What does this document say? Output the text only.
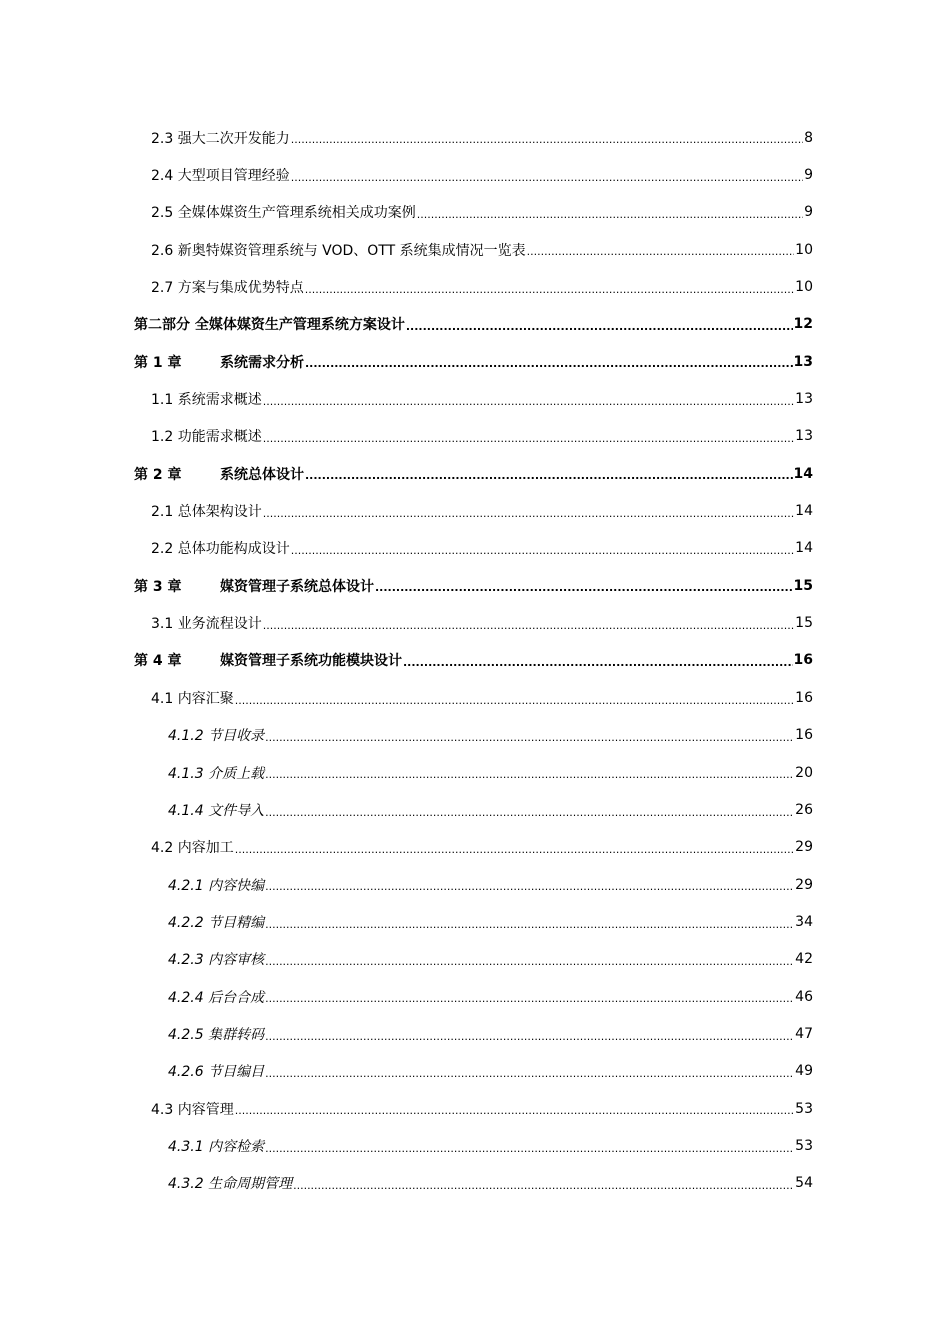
2.3 强大二次开发能力 .....	8
2.4 大型项目管理经验 .....	9
2.5 全媒体媒资生产管理系统相关成功案例 .....	9
2.6 新奥特媒资管理系统与 VOD、OTT 系统集成情况一览表 .....	10
2.7 方案与集成优势特点 .....	10
第二部分 全媒体媒资生产管理系统方案设计 .....	12
第 1 章	系统需求分析 .....	13
1.1 系统需求概述 .....	13
1.2 功能需求概述 .....	13
第 2 章	系统总体设计 .....	14
2.1 总体架构设计 .....	14
2.2 总体功能构成设计 .....	14
第 3 章	媒资管理子系统总体设计 .....	15
3.1 业务流程设计 .....	15
第 4 章	媒资管理子系统功能模块设计 .....	16
4.1 内容汇聚 .....	16
4.1.2 节目收录 .....	16
4.1.3 介质上载 .....	20
4.1.4 文件导入 .....	26
4.2 内容加工 .....	29
4.2.1 内容快编 .....	29
4.2.2 节目精编 .....	34
4.2.3 内容审核 .....	42
4.2.4 后台合成 .....	46
4.2.5 集群转码 .....	47
4.2.6 节目编目 .....	49
4.3 内容管理 .....	53
4.3.1 内容检索 .....	53
4.3.2 生命周期管理 .....	54
